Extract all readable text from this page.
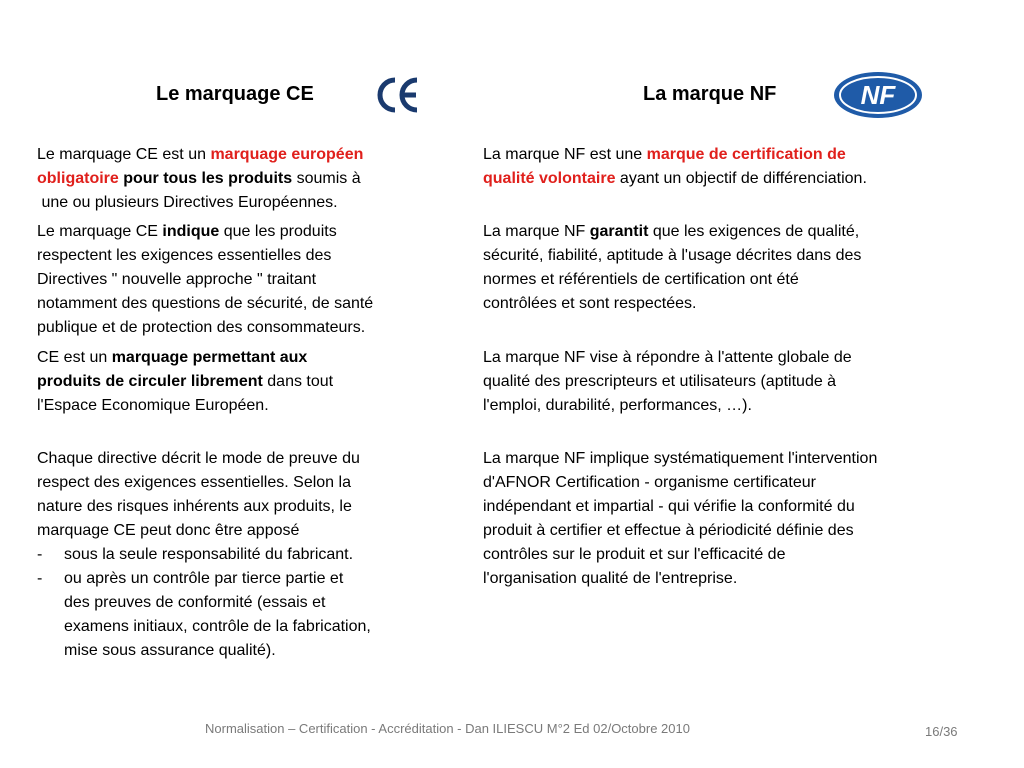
Le marquage CE	La marque NF	NF
Le marquage CE est un marquage européen
obligatoire pour tous les produits soumis à
une ou plusieurs Directives Européennes.
Le marquage CE indique que les produits
respectent les exigences essentielles des
Directives " nouvelle approche " traitant
notamment des questions de sécurité, de santé
publique et de protection des consommateurs.
CE est un marquage permettant aux
produits de circuler librement dans tout
l'Espace Economique Européen.
Chaque directive décrit le mode de preuve du
respect des exigences essentielles. Selon la
nature des risques inhérents aux produits, le
marquage CE peut donc être apposé
- sous la seule responsabilité du fabricant.
- ou après un contrôle par tierce partie et
des preuves de conformité (essais et
examens initiaux, contrôle de la fabrication,
mise sous assurance qualité).
La marque NF est une marque de certification de
qualité volontaire ayant un objectif de différenciation.
La marque NF garantit que les exigences de qualité,
sécurité, fiabilité, aptitude à l'usage décrites dans des
normes et référentiels de certification ont été
contrôlées et sont respectées.
La marque NF vise à répondre à l'attente globale de
qualité des prescripteurs et utilisateurs (aptitude à
l'emploi, durabilité, performances, …).
La marque NF implique systématiquement l'intervention
d'AFNOR Certification - organisme certificateur
indépendant et impartial - qui vérifie la conformité du
produit à certifier et effectue à périodicité définie des
contrôles sur le produit et sur l'efficacité de
l'organisation qualité de l'entreprise.
Normalisation – Certification - Accréditation - Dan ILIESCU M°2 Ed 02/Octobre 2010	16/36
